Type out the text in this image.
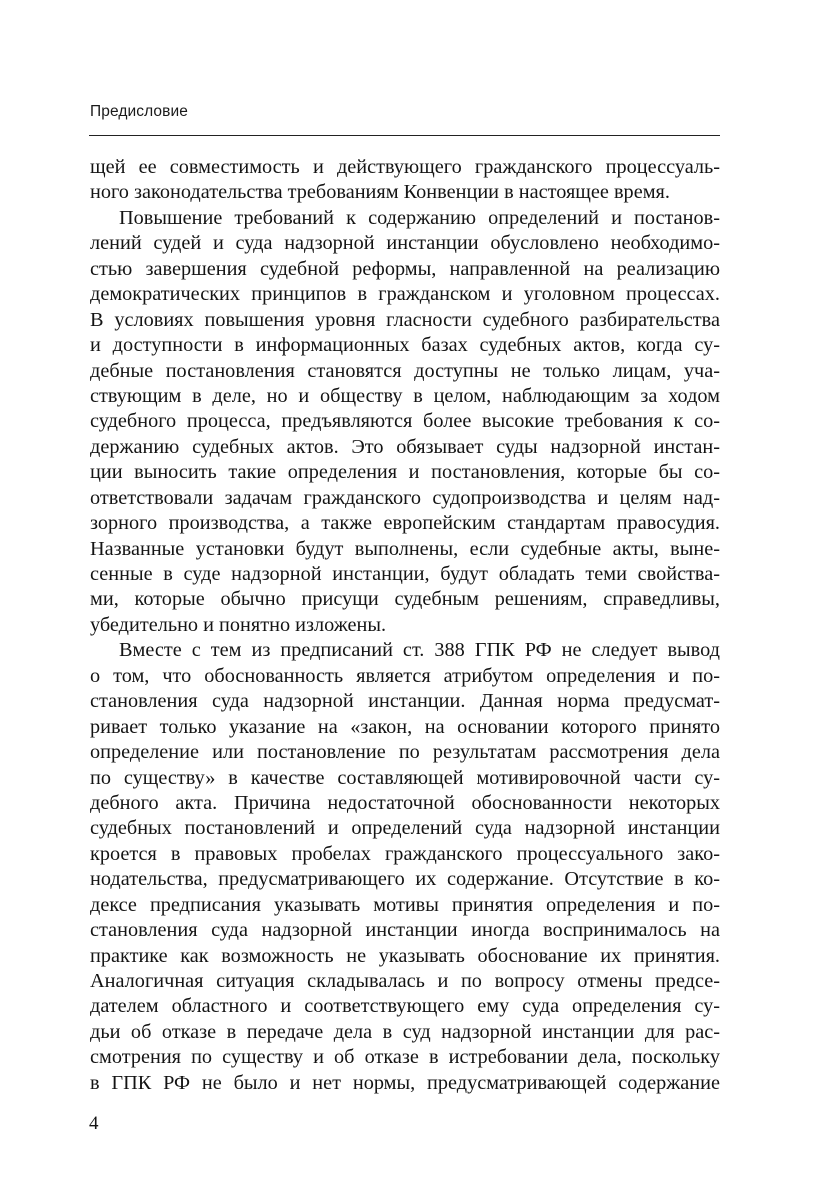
Предисловие
щей ее совместимость и действующего гражданского процессуаль-
ного законодательства требованиям Конвенции в настоящее время.
Повышение требований к содержанию определений и постанов-
лений судей и суда надзорной инстанции обусловлено необходимо-
стью завершения судебной реформы, направленной на реализацию
демократических принципов в гражданском и уголовном процессах.
В условиях повышения уровня гласности судебного разбирательства
и доступности в информационных базах судебных актов, когда су-
дебные постановления становятся доступны не только лицам, уча-
ствующим в деле, но и обществу в целом, наблюдающим за ходом
судебного процесса, предъявляются более высокие требования к со-
держанию судебных актов. Это обязывает суды надзорной инстан-
ции выносить такие определения и постановления, которые бы со-
ответствовали задачам гражданского судопроизводства и целям над-
зорного производства, а также европейским стандартам правосудия.
Названные установки будут выполнены, если судебные акты, выне-
сенные в суде надзорной инстанции, будут обладать теми свойства-
ми, которые обычно присущи судебным решениям, справедливы,
убедительно и понятно изложены.
Вместе с тем из предписаний ст. 388 ГПК РФ не следует вывод
о том, что обоснованность является атрибутом определения и по-
становления суда надзорной инстанции. Данная норма предусмат-
ривает только указание на «закон, на основании которого принято
определение или постановление по результатам рассмотрения дела
по существу» в качестве составляющей мотивировочной части су-
дебного акта. Причина недостаточной обоснованности некоторых
судебных постановлений и определений суда надзорной инстанции
кроется в правовых пробелах гражданского процессуального зако-
нодательства, предусматривающего их содержание. Отсутствие в ко-
дексе предписания указывать мотивы принятия определения и по-
становления суда надзорной инстанции иногда воспринималось на
практике как возможность не указывать обоснование их принятия.
Аналогичная ситуация складывалась и по вопросу отмены предсе-
дателем областного и соответствующего ему суда определения су-
дьи об отказе в передаче дела в суд надзорной инстанции для рас-
смотрения по существу и об отказе в истребовании дела, поскольку
в ГПК РФ не было и нет нормы, предусматривающей содержание
4
